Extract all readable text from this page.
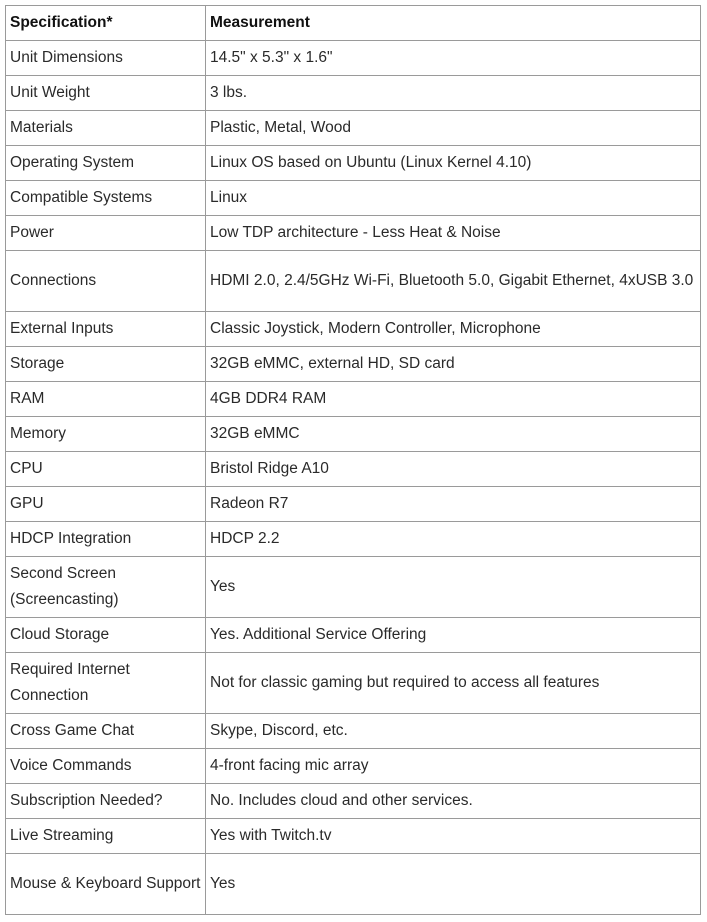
Specification*	Measurement
Unit Dimensions	14.5" x 5.3" x 1.6"
Unit Weight	3 lbs.
Materials	Plastic, Metal, Wood
Operating System	Linux OS based on Ubuntu (Linux Kernel 4.10)
Compatible Systems	Linux
Power	Low TDP architecture - Less Heat & Noise
Connections	HDMI 2.0, 2.4/5GHz Wi-Fi, Bluetooth 5.0, Gigabit Ethernet, 4xUSB 3.0
External Inputs	Classic Joystick, Modern Controller, Microphone
Storage	32GB eMMC, external HD, SD card
RAM	4GB DDR4 RAM
Memory	32GB eMMC
CPU	Bristol Ridge A10
GPU	Radeon R7
HDCP Integration	HDCP 2.2
Second Screen (Screencasting)	Yes
Cloud Storage	Yes. Additional Service Offering
Required Internet Connection	Not for classic gaming but required to access all features
Cross Game Chat	Skype, Discord, etc.
Voice Commands	4-front facing mic array
Subscription Needed?	No. Includes cloud and other services.
Live Streaming	Yes with Twitch.tv
Mouse & Keyboard Support	Yes
